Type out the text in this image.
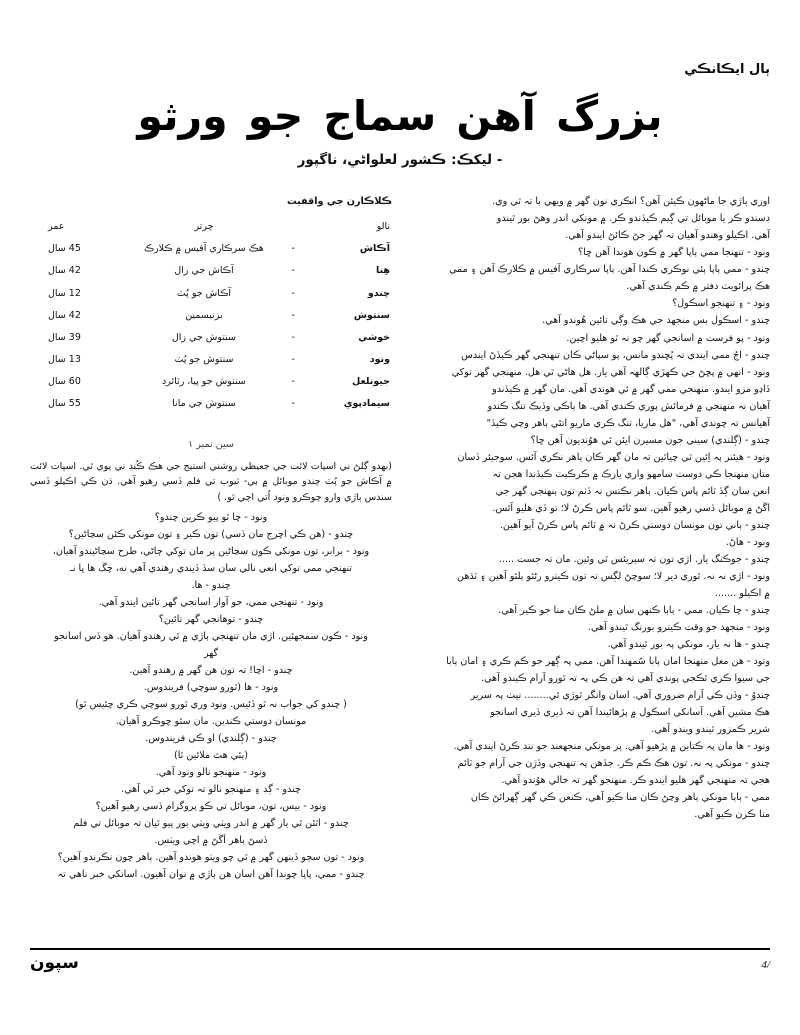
ٻال ايڪانڪي
بزرگ آهن سماج جو ورثو
- ليکڪ: ڪشور لعلواڻي، ناگپور
ڪلاڪارن جي واقفيت
نالو		چرتر	عمر
آڪاش	-	هڪ سرڪاري آفيس ۾ ڪلارڪ	45 سال
هِنا	-	آڪاش جي زال	42 سال
چندو	-	آڪاش جو پُٽ	12 سال
سنتوش	-	بزنيسمين	42 سال
خوشي	-	سنتوش جي زال	39 سال
ونود	-	سنتوش جو پُٽ	13 سال
جيونلعل	-	سنتوش جو پيا، رٽائرڊ	60 سال
سيمادپوي	-	سنتوش جي مانا	55 سال
سين نمبر ١
(بهدو ڳلڻ ني اسپات لائت جي جعيظي روشني استيج جي هڪ ڪُنڊ ني پوي ٿي. اسپات لائت ۾ آڪاش جو پُٽ چندو موبائل ۾ بي- ٽيوب تي فلم ڏسي رهيو آهي. ڌن ڪي اڪيلو ڏسي سندس ٻاڙي وارو چوڪرو ونود اُتي اچي ٿو. )
ونود - چا ٿو پيو ڪرين چندو؟
چندو - (هن ڪي اچرج مان ڏسي) تون ڪير ۽ تون مونکي ڪئن سڃاڻين؟
ونود - برابر، تون مونکي ڪون سڃاڻين پر مان توکي ڄاڻي، طرح سڃاڻيندو آهيان،
تنهنجي ممي توکي انعي نالي سان سڏ ڏيندي رهندي آهي نه، چڱ ها ڀا نـ
چندو - ها.
ونود - تنهنجي ممي، جو آواز اسانجي گهر تائين ايندو آهي.
چندو - توهانجي گهر تائين؟
ونود - ڪون سمجهئين. اڙي مان تنهنجي ٻاڙي ۾ ٿي رهندو آهيان. هو ڏس اسانجو
گهر
چندو - اچا! تہ تون هن گهر ۾ رهندو آهين.
ونود - ها (ٿورو سوچي) فريندوس.
( چندو کي جواب نہ ٿو ڏئيس. ونود وري ٿورو سوچي ڪري چئيس ٿو)
مونسان دوستي ڪندين. مان سئو چوڪرو آهيان.
چندو - (ڳلندي) او ڪي فريندوس.
(ٻئي هٿ ملائين ٿا)
ونود - منهنجو نالو ونود آهي.
چندو - ڳڊ ۽ منهنجو نالو تہ توکي خبر ٿي آهي.
ونود - بيس، تون، موبائل تي ڪو پروگرام ڏسي رهيو آهين؟
چندو - اٿئن ٿي يار گهر ۾ اندر ويٺي ويٺي بور پيو ٿيان تہ موبائل تي فلم
ڏسڻ ٻاهر اَڱڻ ۾ اچي ويٺس.
ونود - تون سڄو ڏينهن گهر ۾ ٿي چو ويٺو هوندو آهين. ٻاهر چون نڪرندو آهين؟
چندو - ممي، پاپا چوندا آهن اسان هن ٻاڙي ۾ نوان آهيون. اسانکي خبر ناهي تہ
اوزي ٻاڙي جا ماڻهون ڪيئن آهن؟ انڪري نون گهر ۾ ويهي با تہ ٿي وي.
ڊسندو ڪر يا موبائل تي ڳيم ڪيڏندو ڪر. ۾ مونکي اندر وهڻ بور ٿيندو
آهي. اڪيلو وهندو آهيان تہ گهر جڻ ڪائڻ ايندو آهي.
ونود - تنهنجا ممي ٻاپا گهر ۾ ڪون هوندا آهن ڇا؟
چندو - ممي ٻاپا ٻئي نوڪري ڪندا آهن. ٻاپا سرڪاري آفيس ۾ ڪلارڪ آهن ۽ ممي
هڪ پرائويٽ دفتر ۾ ڪم ڪندي آهي.
ونود - ۽ تنهنجو اسڪول؟
چندو - اسڪول بس منجهد جي هڪ وڳي تائين هُوندو آهي.
ونود - پو فرست ۾ اسانجي گهر چو نہ ٿو هليو اچين.
چندو - اڄُ ممي ايندي تہ پُڇندو مانس، پو سپاڻي ڪان تنهنجي گهر ڪيڏڻ ايندس
ونود - انهي ۾ پڇڻ جي ڪهڙي ڳالهہ آهي يار. هل هاڻي ٿي هل. منهنجي گهر توکي
ڏاڍو مزو ايندو. منهنجي ممي گهر ۾ ئي هوندي آهي. مان گهر ۾ ڪيڏندو
آهيان نہ منهنجي ۾ فرمائش پوري ڪندي آهي. ها ٻاڪي وڏيڪ تنگ ڪندو
آهيانس تہ چوندي آهي، "هل ماريا، تنگ ڪري ماريو اتئي ٻاهر وڃي ڪيڏ"
چندو - (ڳلندي) سيني جون مسيرن ايئن ئي هوُنديون آهن ڇا؟
ونود - هيئنر پہ اِئين ٿي چياٿين تہ مان گهر ڪان ٻاهر نڪري آئس. سوجيئر ڏسان
متان منهنجا ڪي دوست سامهو واري يارڪ ۾ ڪرڪيٽ ڪيڏندا هجن تہ
انعن سان ڳڏ ٽائم پاس ڪيان. ٻاهر نڪتس نہ ڏٺم تون ٻنهنجي گهر جي
اڱڻ ۾ موبائل ڏسي رهيو آهين. سو ٿائم پاس ڪرڻ لا؛ تو ڏي هليو آئس.
چندو - ٻاني تون مونسان دوستي ڪرڻ نہ ۾ ٽائم پاس ڪرڻ آيو آهين.
ونود - هاڻ.
چندو - جوڪنگ يار. اڙي تون تہ سيريئس ٿي وئين. مان تہ جست .....
ونود - اڙي نہ نہ. ٿوري دير لا؛ سوچڻ لڳس تہ تون ڪيترو رڻئو ٻلئو آهين ۽ ٽڌهن
۾ اڪيلو .......
چندو - چا ڪيان. ممي - ٻاٻا ڪنهن سان ۾ ملڻ ڪان منا جو ڪير آهي.
ونود - منجهد جو وقت ڪيترو بورنگ ٿيندو آهي.
چندو - ها نہ يار، مونکي پہ بور ٿيندو آهي.
ونود - هن معل منهنجا امان ٻابا سُمهندا آهن. ممي پہ ڳهر جو ڪم ڪري ۽ امان ٻابا
جي سيوا ڪري ٿڪجي پوندي آهي تہ هن ڪي پہ تہ ٿورو آرام ڪيندو آهي.
چندوُ - وڏن ڪي آرام ضروري آهي. اسان وانگر ٿوڙي ئي........ نيٺ پہ سرير
هڪ مشين آهي. آسانکي اسڪول ۾ پڙهائيندا آهن تہ ڏيري ڏيري اسانجو
شرير ڪمزور ٿيندو ويندو آهي.
ونود - ها مان پہ ڪتابن ۾ پڙهيو آهي. پر مونکي منجهعند جو ننڊ ڪرڻ ايندي آهي.
چندو - مونکي پہ نہ. تون هڪ ڪم ڪر. جڏهن پہ تنهنجي وڏڙن جي آرام جو ٽائم
هجي تہ منهنجي گهر هليو ايندو ڪر. منهنجو گهر تہ خالي هوُندو آهي.
ممي - ٻاٻا مونکي ٻاهر وڃڻ ڪان منا ڪيو آهي، ڪنعن ڪي گهر ڳهرائڻ ڪان
منا ڪرن ڪيو آهي.
سپون	4/
